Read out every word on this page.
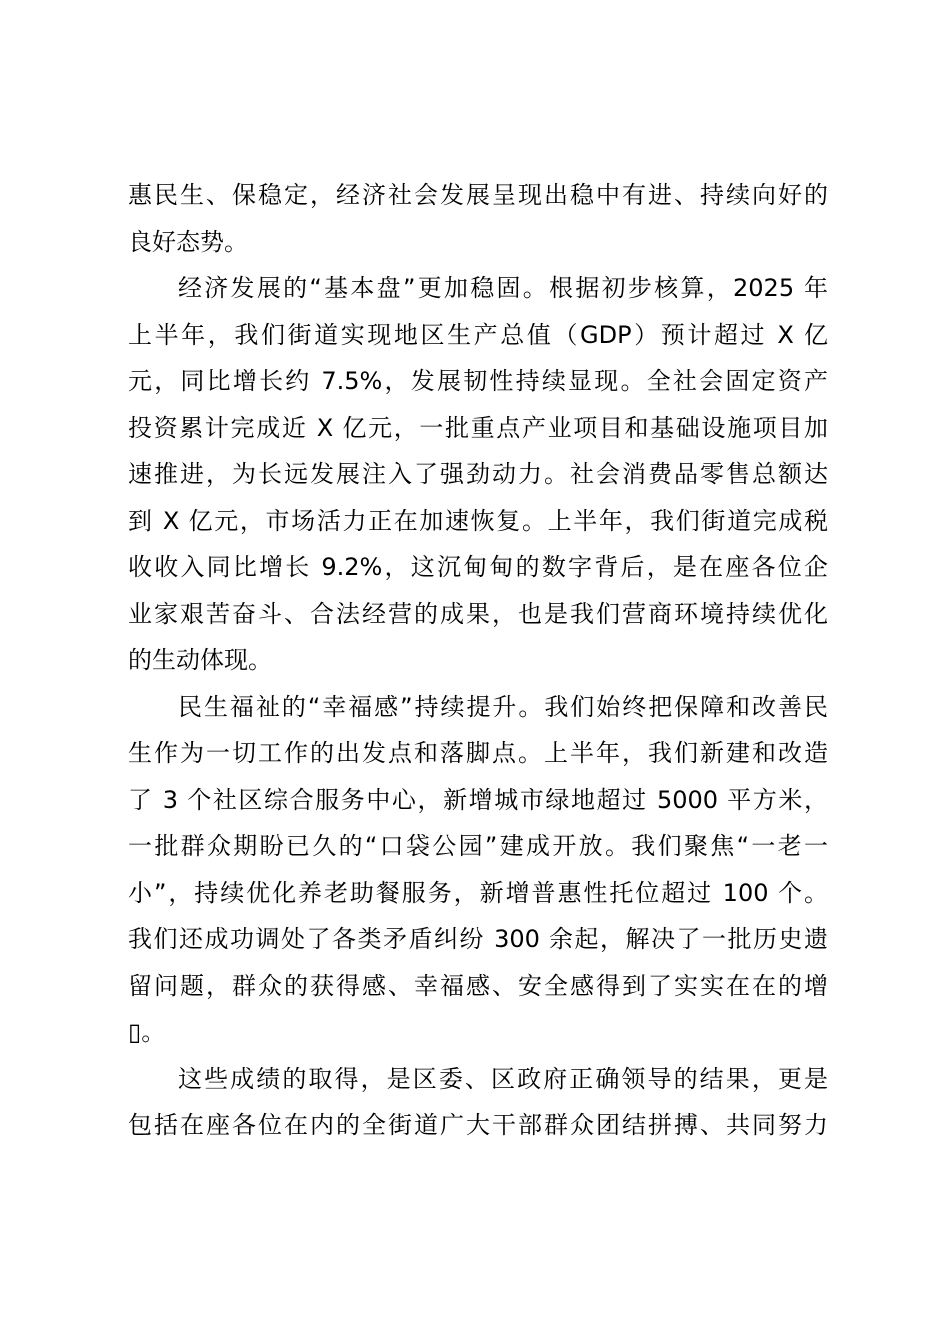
惠民生、保稳定，经济社会发展呈现出稳中有进、持续向好的
良好态势。
经济发展的“基本盘”更加稳固。根据初步核算，2025 年
上半年，我们街道实现地区生产总值（GDP）预计超过 X 亿
元，同比增长约 7.5%，发展韧性持续显现。全社会固定资产
投资累计完成近 X 亿元，一批重点产业项目和基础设施项目加
速推进，为长远发展注入了强劲动力。社会消费品零售总额达
到 X 亿元，市场活力正在加速恢复。上半年，我们街道完成税
收收入同比增长 9.2%，这沉甸甸的数字背后，是在座各位企
业家艰苦奋斗、合法经营的成果，也是我们营商环境持续优化
的生动体现。
民生福祉的“幸福感”持续提升。我们始终把保障和改善民
生作为一切工作的出发点和落脚点。上半年，我们新建和改造
了 3 个社区综合服务中心，新增城市绿地超过 5000 平方米，
一批群众期盼已久的“口袋公园”建成开放。我们聚焦“一老一
小”，持续优化养老助餐服务，新增普惠性托位超过 100 个。
我们还成功调处了各类矛盾纠纷 300 余起，解决了一批历史遗
留问题，群众的获得感、幸福感、安全感得到了实实在在的增
▯。
这些成绩的取得，是区委、区政府正确领导的结果，更是
包括在座各位在内的全街道广大干部群众团结拼搏、共同努力
